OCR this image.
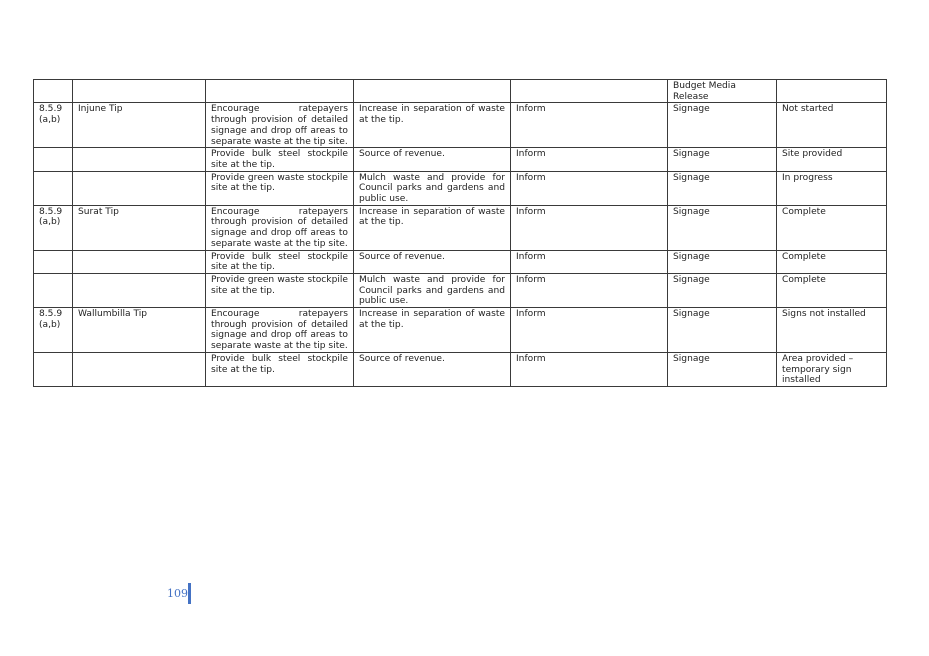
					Budget Media Release	
8.5.9 (a,b)	Injune Tip	Encourage ratepayers through provision of detailed signage and drop off areas to separate waste at the tip site.	Increase in separation of waste at the tip.	Inform	Signage	Not started
		Provide bulk steel stockpile site at the tip.	Source of revenue.	Inform	Signage	Site provided
		Provide green waste stockpile site at the tip.	Mulch waste and provide for Council parks and gardens and public use.	Inform	Signage	In progress
8.5.9 (a,b)	Surat Tip	Encourage ratepayers through provision of detailed signage and drop off areas to separate waste at the tip site.	Increase in separation of waste at the tip.	Inform	Signage	Complete
		Provide bulk steel stockpile site at the tip.	Source of revenue.	Inform	Signage	Complete
		Provide green waste stockpile site at the tip.	Mulch waste and provide for Council parks and gardens and public use.	Inform	Signage	Complete
8.5.9 (a,b)	Wallumbilla Tip	Encourage ratepayers through provision of detailed signage and drop off areas to separate waste at the tip site.	Increase in separation of waste at the tip.	Inform	Signage	Signs not installed
		Provide bulk steel stockpile site at the tip.	Source of revenue.	Inform	Signage	Area provided – temporary sign installed
109
